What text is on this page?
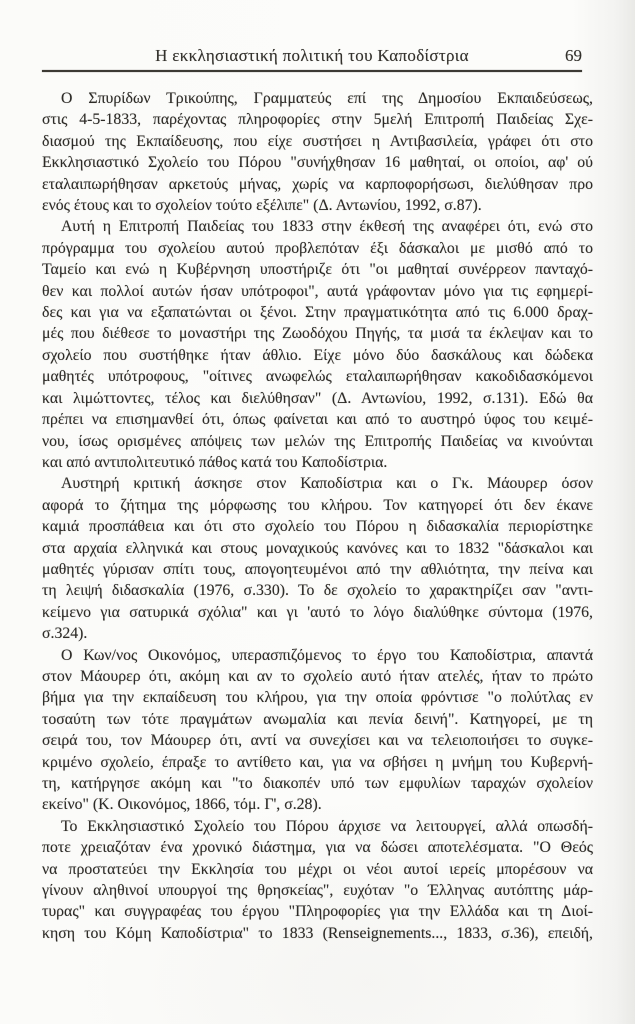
Η εκκλησιαστική πολιτική του Καποδίστρια	69
Ο Σπυρίδων Τρικούπης, Γραμματεύς επί της Δημοσίου Εκπαιδεύσεως,
στις 4-5-1833, παρέχοντας πληροφορίες στην 5μελή Επιτροπή Παιδείας Σχε-
διασμού της Εκπαίδευσης, που είχε συστήσει η Αντιβασιλεία, γράφει ότι στο
Εκκλησιαστικό Σχολείο του Πόρου "συνήχθησαν 16 μαθηταί, οι οποίοι, αφ' ού
εταλαιπωρήθησαν αρκετούς μήνας, χωρίς να καρποφορήσωσι, διελύθησαν προ
ενός έτους και το σχολείον τούτο εξέλιπε" (Δ. Αντωνίου, 1992, σ.87).
Αυτή η Επιτροπή Παιδείας του 1833 στην έκθεσή της αναφέρει ότι, ενώ στο
πρόγραμμα του σχολείου αυτού προβλεπόταν έξι δάσκαλοι με μισθό από το
Ταμείο και ενώ η Κυβέρνηση υποστήριζε ότι "οι μαθηταί συνέρρεον πανταχό-
θεν και πολλοί αυτών ήσαν υπότροφοι", αυτά γράφονταν μόνο για τις εφημερί-
δες και για να εξαπατώνται οι ξένοι. Στην πραγματικότητα από τις 6.000 δραχ-
μές που διέθεσε το μοναστήρι της Ζωοδόχου Πηγής, τα μισά τα έκλεψαν και το
σχολείο που συστήθηκε ήταν άθλιο. Είχε μόνο δύο δασκάλους και δώδεκα
μαθητές υπότροφους, "οίτινες ανωφελώς εταλαιπωρήθησαν κακοδιδασκόμενοι
και λιμώττοντες, τέλος και διελύθησαν" (Δ. Αντωνίου, 1992, σ.131). Εδώ θα
πρέπει να επισημανθεί ότι, όπως φαίνεται και από το αυστηρό ύφος του κειμέ-
νου, ίσως ορισμένες απόψεις των μελών της Επιτροπής Παιδείας να κινούνται
και από αντιπολιτευτικό πάθος κατά του Καποδίστρια.
Αυστηρή κριτική άσκησε στον Καποδίστρια και ο Γκ. Μάουρερ όσον
αφορά το ζήτημα της μόρφωσης του κλήρου. Τον κατηγορεί ότι δεν έκανε
καμιά προσπάθεια και ότι στο σχολείο του Πόρου η διδασκαλία περιορίστηκε
στα αρχαία ελληνικά και στους μοναχικούς κανόνες και το 1832 "δάσκαλοι και
μαθητές γύρισαν σπίτι τους, απογοητευμένοι από την αθλιότητα, την πείνα και
τη λειψή διδασκαλία (1976, σ.330). Το δε σχολείο το χαρακτηρίζει σαν "αντι-
κείμενο για σατυρικά σχόλια" και γι 'αυτό το λόγο διαλύθηκε σύντομα (1976,
σ.324).
Ο Κων/νος Οικονόμος, υπερασπιζόμενος το έργο του Καποδίστρια, απαντά
στον Μάουρερ ότι, ακόμη και αν το σχολείο αυτό ήταν ατελές, ήταν το πρώτο
βήμα για την εκπαίδευση του κλήρου, για την οποία φρόντισε "ο πολύτλας εν
τοσαύτη των τότε πραγμάτων ανωμαλία και πενία δεινή". Κατηγορεί, με τη
σειρά του, τον Μάουρερ ότι, αντί να συνεχίσει και να τελειοποιήσει το συγκε-
κριμένο σχολείο, έπραξε το αντίθετο και, για να σβήσει η μνήμη του Κυβερνή-
τη, κατήργησε ακόμη και "το διακοπέν υπό των εμφυλίων ταραχών σχολείον
εκείνο" (Κ. Οικονόμος, 1866, τόμ. Γ', σ.28).
Το Εκκλησιαστικό Σχολείο του Πόρου άρχισε να λειτουργεί, αλλά οπωσδή-
ποτε χρειαζόταν ένα χρονικό διάστημα, για να δώσει αποτελέσματα. "Ο Θεός
να προστατεύει την Εκκλησία του μέχρι οι νέοι αυτοί ιερείς μπορέσουν να
γίνουν αληθινοί υπουργοί της θρησκείας", ευχόταν "ο Έλληνας αυτόπτης μάρ-
τυρας" και συγγραφέας του έργου "Πληροφορίες για την Ελλάδα και τη Διοί-
κηση του Κόμη Καποδίστρια" το 1833 (Renseignements..., 1833, σ.36), επειδή,
